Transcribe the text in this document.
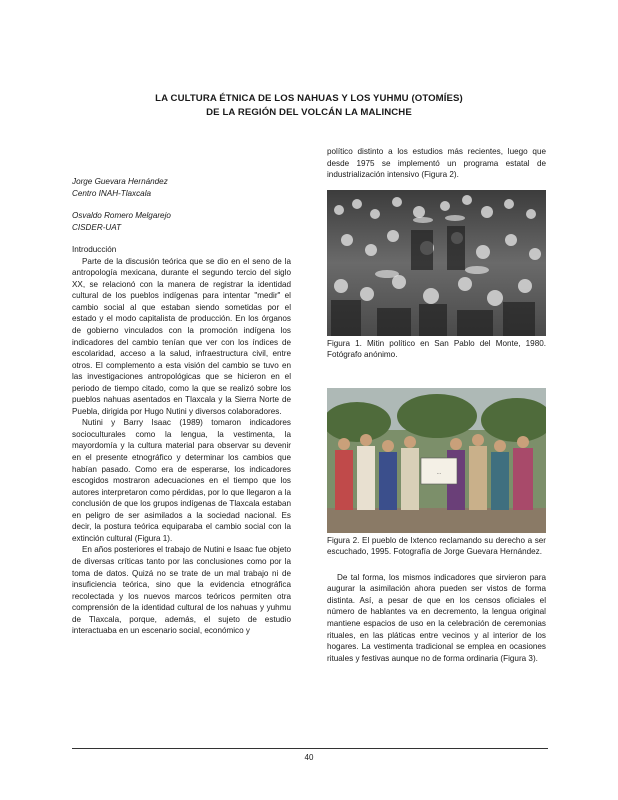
LA CULTURA ÉTNICA DE LOS NAHUAS Y LOS YUHMU (OTOMÍES)
DE LA REGIÓN DEL VOLCÁN LA MALINCHE

Jorge Guevara Hernández

Centro INAH-Tlaxcala

Osvaldo Romero Melgarejo

CISDER-UAT

Introducción

Parte de la discusión teórica que se dio en el seno de la antropología mexicana, durante el segundo tercio del siglo XX, se relacionó con la manera de registrar la identidad cultural de los pueblos indígenas para intentar "medir" el cambio social al que estaban siendo sometidas por el estado y el modo capitalista de producción. En los órganos de gobierno vinculados con la promoción indígena los indicadores del cambio tenían que ver con los índices de escolaridad, acceso a la salud, infraestructura civil, entre otros. El complemento a esta visión del cambio se tuvo en las investigaciones antropológicas que se hicieron en el periodo de tiempo citado, como la que se realizó sobre los pueblos nahuas asentados en Tlaxcala y la Sierra Norte de Puebla, dirigida por Hugo Nutini y diversos colaboradores.

Nutini y Barry Isaac (1989) tomaron indicadores socioculturales como la lengua, la vestimenta, la mayordomía y la cultura material para observar su devenir en el presente etnográfico y determinar los cambios que habían pasado. Como era de esperarse, los indicadores escogidos mostraron adecuaciones en el tiempo que los autores interpretaron como pérdidas, por lo que llegaron a la conclusión de que los grupos indígenas de Tlaxcala estaban en peligro de ser asimilados a la sociedad nacional. Es decir, la postura teórica equiparaba el cambio social con la extinción cultural (Figura 1).

En años posteriores el trabajo de Nutini e Isaac fue objeto de diversas críticas tanto por las conclusiones como por la toma de datos. Quizá no se trate de un mal trabajo ni de insuficiencia teórica, sino que la evidencia etnográfica recolectada y los nuevos marcos teóricos permiten otra comprensión de la identidad cultural de los nahuas y yuhmu de Tlaxcala, porque, además, el sujeto de estudio interactuaba en un escenario social, económico y

político distinto a los estudios más recientes, luego que desde 1975 se implementó un programa estatal de industrialización intensivo (Figura 2).

Figura 1. Mitin político en San Pablo del Monte, 1980. Fotógrafo anónimo.

...

Figura 2. El pueblo de Ixtenco reclamando su derecho a ser escuchado, 1995. Fotografía de Jorge Guevara Hernández.

De tal forma, los mismos indicadores que sirvieron para augurar la asimilación ahora pueden ser vistos de forma distinta. Así, a pesar de que en los censos oficiales el número de hablantes va en decremento, la lengua original mantiene espacios de uso en la celebración de ceremonias rituales, en las pláticas entre vecinos y al interior de los hogares. La vestimenta tradicional se emplea en ocasiones rituales y festivas aunque no de forma ordinaria (Figura 3).

40
